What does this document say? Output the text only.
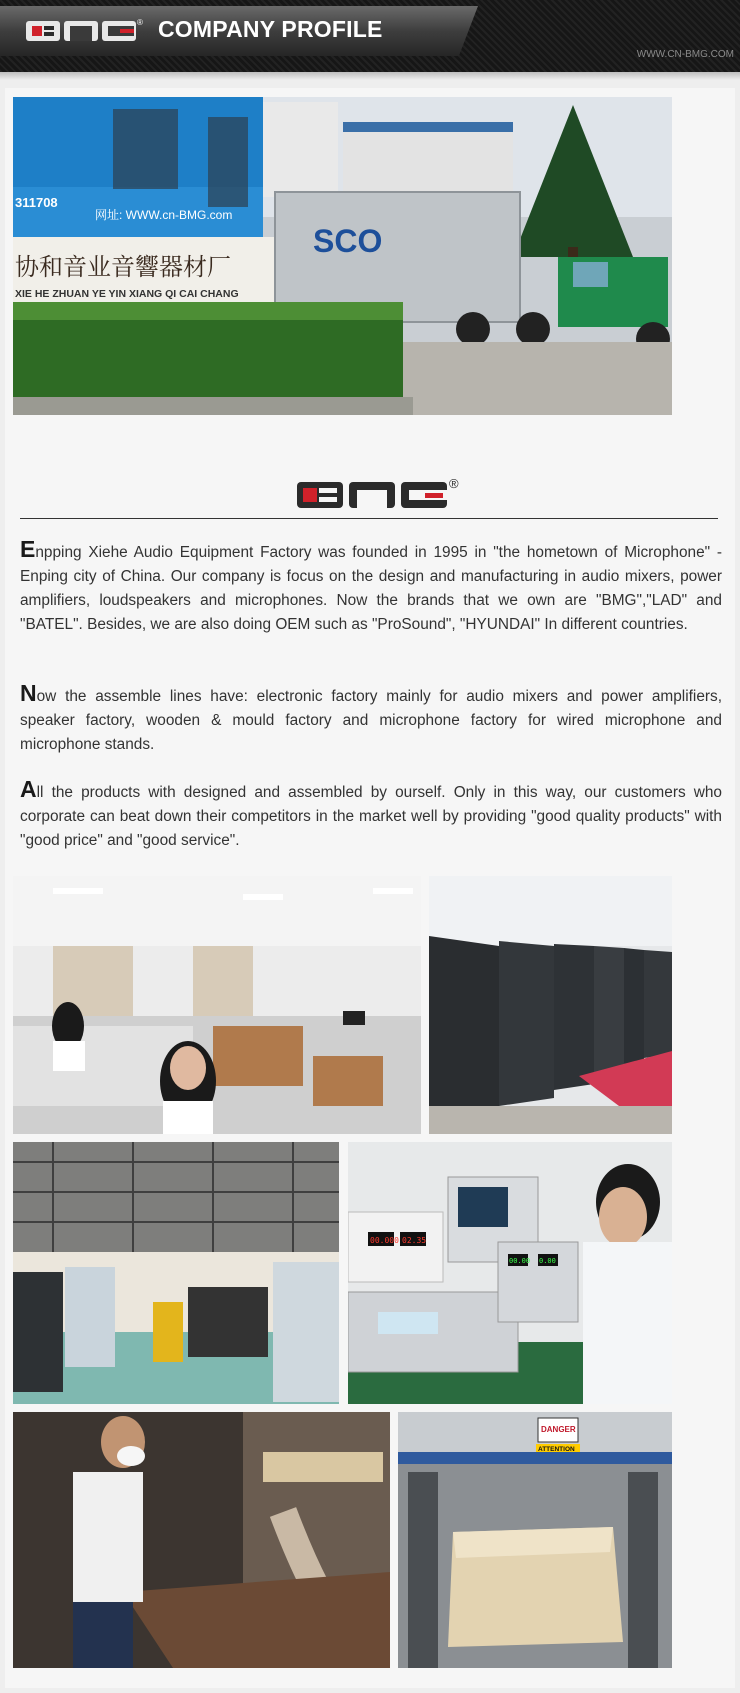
® COMPANY PROFILE
WWW.CN-BMG.COM
311708
网址: WWW.cn-BMG.com
协和音业音響器材厂
XIE HE ZHUAN YE YIN XIANG QI CAI CHANG
SCO
®

Enpping Xiehe Audio Equipment Factory was founded in 1995 in "the hometown of Microphone" -Enping city of China. Our company is focus on the design and manufacturing in audio mixers, power amplifiers, loudspeakers and microphones. Now the brands that we own are "BMG","LAD" and "BATEL". Besides, we are also doing OEM such as "ProSound", "HYUNDAI" In different countries.

Now the assemble lines have: electronic factory mainly for audio mixers and power amplifiers, speaker factory, wooden & mould factory and microphone factory for wired microphone and microphone stands.

All the products with designed and assembled by ourself. Only in this way, our customers who corporate can beat down their competitors in the market well by providing "good quality products" with "good price" and "good service".

00.000 02.35
00.00 0.00
DANGER
ATTENTION
